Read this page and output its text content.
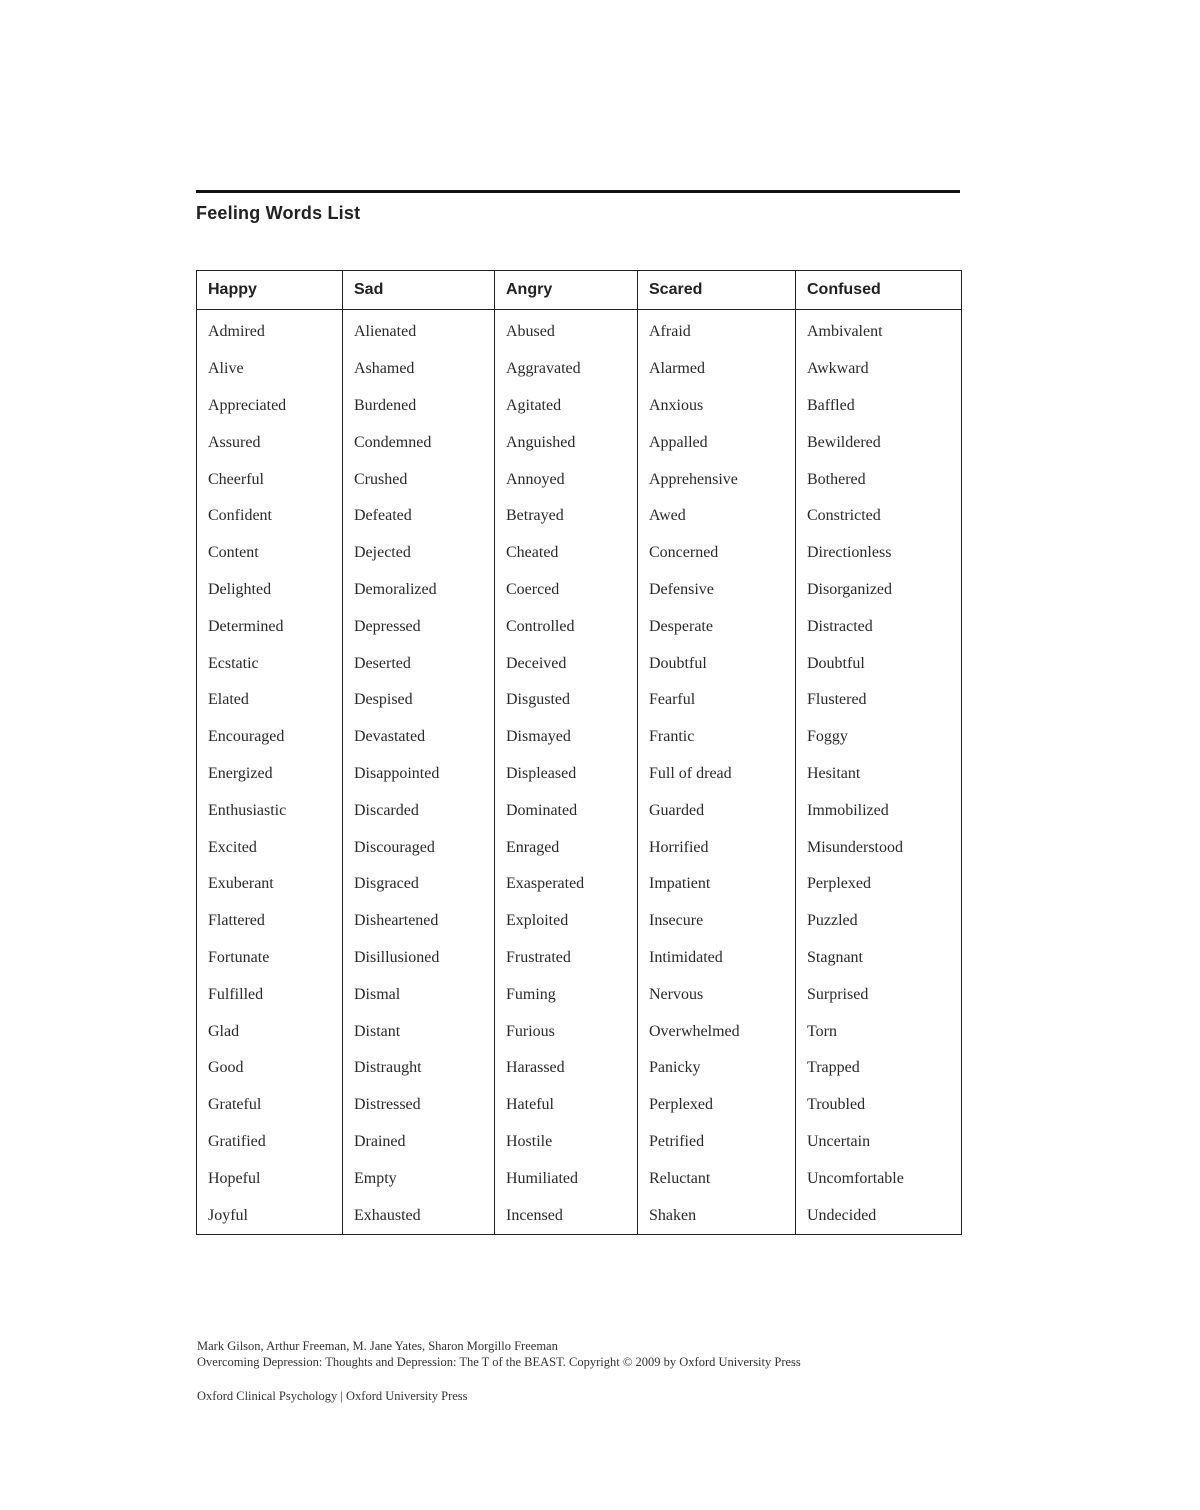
Feeling Words List
Happy	Sad	Angry	Scared	Confused
Admired	Alienated	Abused	Afraid	Ambivalent
Alive	Ashamed	Aggravated	Alarmed	Awkward
Appreciated	Burdened	Agitated	Anxious	Baffled
Assured	Condemned	Anguished	Appalled	Bewildered
Cheerful	Crushed	Annoyed	Apprehensive	Bothered
Confident	Defeated	Betrayed	Awed	Constricted
Content	Dejected	Cheated	Concerned	Directionless
Delighted	Demoralized	Coerced	Defensive	Disorganized
Determined	Depressed	Controlled	Desperate	Distracted
Ecstatic	Deserted	Deceived	Doubtful	Doubtful
Elated	Despised	Disgusted	Fearful	Flustered
Encouraged	Devastated	Dismayed	Frantic	Foggy
Energized	Disappointed	Displeased	Full of dread	Hesitant
Enthusiastic	Discarded	Dominated	Guarded	Immobilized
Excited	Discouraged	Enraged	Horrified	Misunderstood
Exuberant	Disgraced	Exasperated	Impatient	Perplexed
Flattered	Disheartened	Exploited	Insecure	Puzzled
Fortunate	Disillusioned	Frustrated	Intimidated	Stagnant
Fulfilled	Dismal	Fuming	Nervous	Surprised
Glad	Distant	Furious	Overwhelmed	Torn
Good	Distraught	Harassed	Panicky	Trapped
Grateful	Distressed	Hateful	Perplexed	Troubled
Gratified	Drained	Hostile	Petrified	Uncertain
Hopeful	Empty	Humiliated	Reluctant	Uncomfortable
Joyful	Exhausted	Incensed	Shaken	Undecided
Mark Gilson, Arthur Freeman, M. Jane Yates, Sharon Morgillo Freeman
Overcoming Depression: Thoughts and Depression: The T of the BEAST. Copyright © 2009 by Oxford University Press
Oxford Clinical Psychology | Oxford University Press
